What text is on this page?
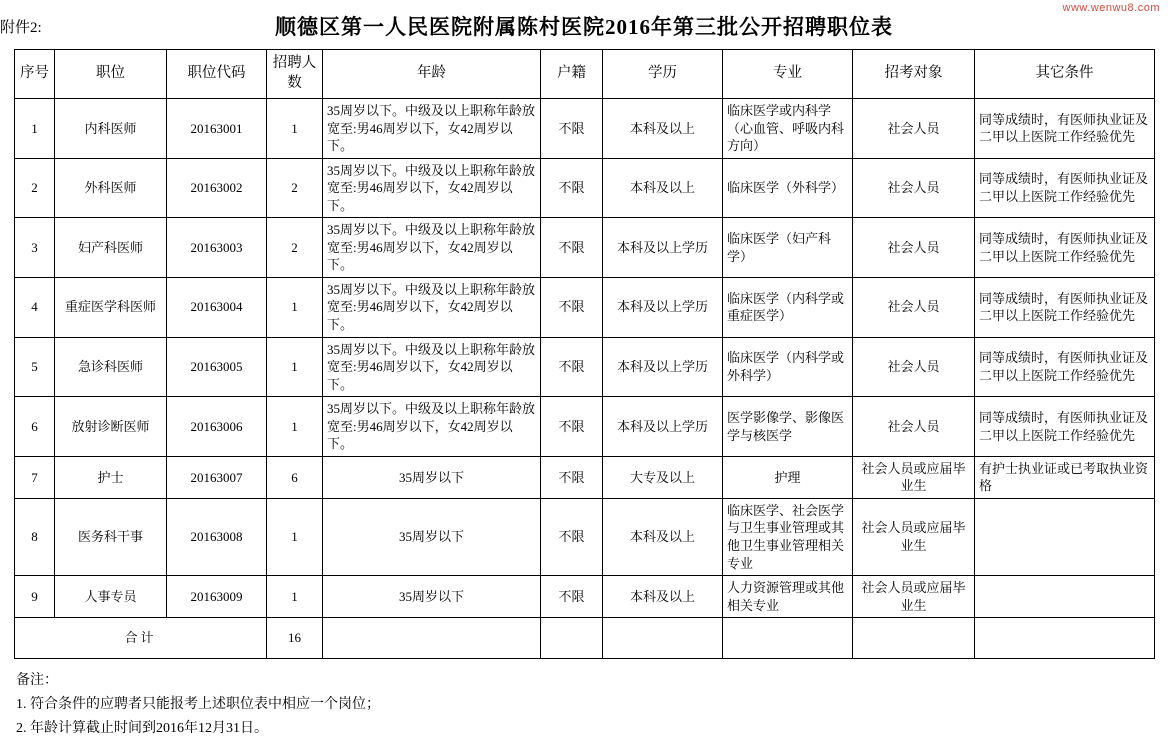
www.wenwu8.com
附件2:	顺德区第一人民医院附属陈村医院2016年第三批公开招聘职位表
序号	职位	职位代码	招聘人数	年龄	户籍	学历	专业	招考对象	其它条件
1	内科医师	20163001	1	35周岁以下。中级及以上职称年龄放宽至:男46周岁以下，女42周岁以下。	不限	本科及以上	临床医学或内科学（心血管、呼吸内科方向）	社会人员	同等成绩时，有医师执业证及二甲以上医院工作经验优先
2	外科医师	20163002	2	35周岁以下。中级及以上职称年龄放宽至:男46周岁以下，女42周岁以下。	不限	本科及以上	临床医学（外科学）	社会人员	同等成绩时，有医师执业证及二甲以上医院工作经验优先
3	妇产科医师	20163003	2	35周岁以下。中级及以上职称年龄放宽至:男46周岁以下，女42周岁以下。	不限	本科及以上学历	临床医学（妇产科学）	社会人员	同等成绩时，有医师执业证及二甲以上医院工作经验优先
4	重症医学科医师	20163004	1	35周岁以下。中级及以上职称年龄放宽至:男46周岁以下，女42周岁以下。	不限	本科及以上学历	临床医学（内科学或重症医学）	社会人员	同等成绩时，有医师执业证及二甲以上医院工作经验优先
5	急诊科医师	20163005	1	35周岁以下。中级及以上职称年龄放宽至:男46周岁以下，女42周岁以下。	不限	本科及以上学历	临床医学（内科学或外科学）	社会人员	同等成绩时，有医师执业证及二甲以上医院工作经验优先
6	放射诊断医师	20163006	1	35周岁以下。中级及以上职称年龄放宽至:男46周岁以下，女42周岁以下。	不限	本科及以上学历	医学影像学、影像医学与核医学	社会人员	同等成绩时，有医师执业证及二甲以上医院工作经验优先
7	护士	20163007	6	35周岁以下	不限	大专及以上	护理	社会人员或应届毕业生	有护士执业证或已考取执业资格
8	医务科干事	20163008	1	35周岁以下	不限	本科及以上	临床医学、社会医学与卫生事业管理或其他卫生事业管理相关专业	社会人员或应届毕业生	
9	人事专员	20163009	1	35周岁以下	不限	本科及以上	人力资源管理或其他相关专业	社会人员或应届毕业生	
合计			16						
备注：
1. 符合条件的应聘者只能报考上述职位表中相应一个岗位；
2. 年龄计算截止时间到2016年12月31日。
